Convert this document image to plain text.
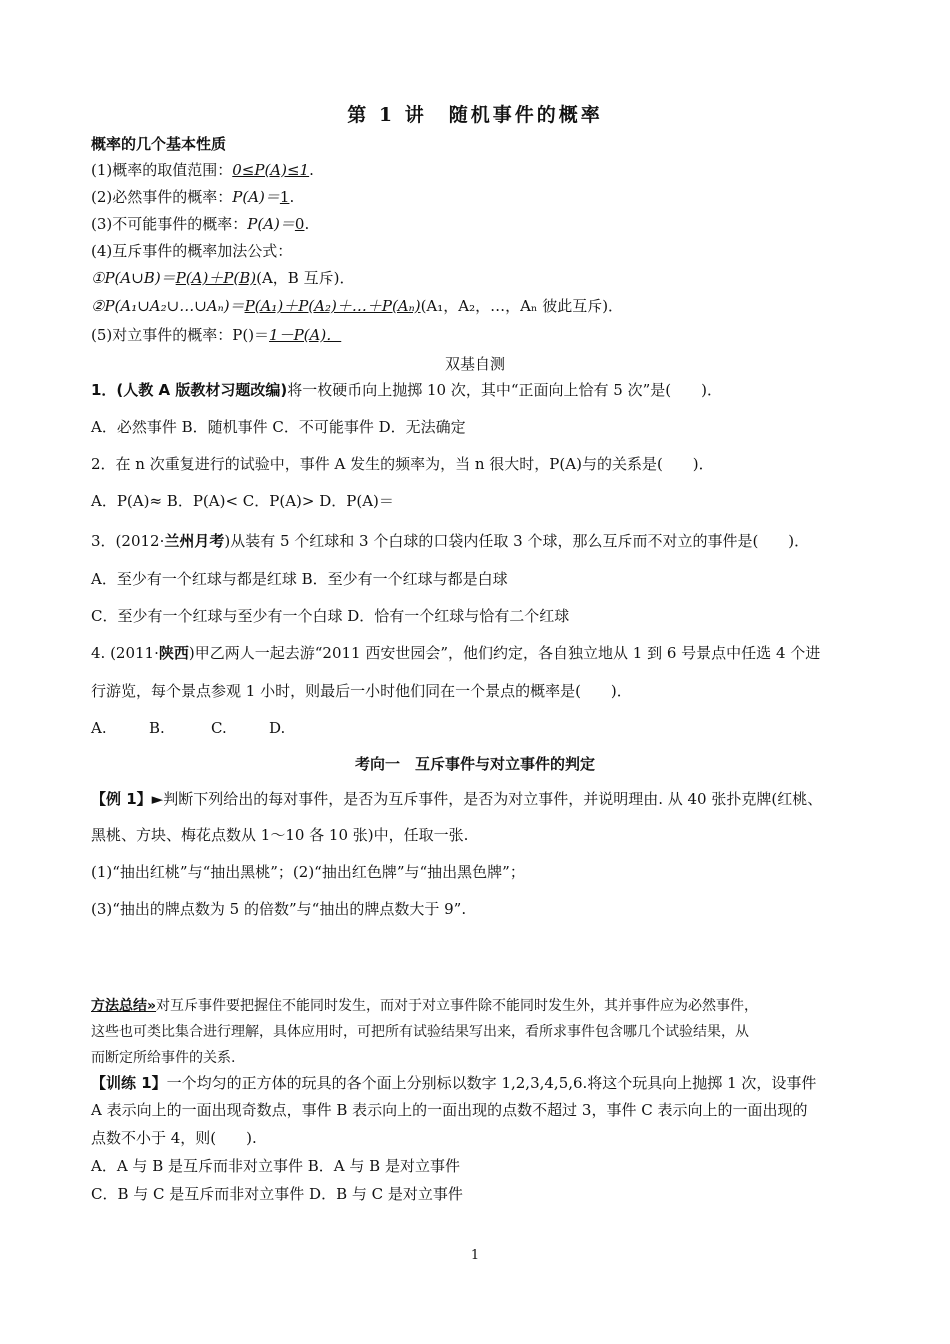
第 1 讲　随机事件的概率
概率的几个基本性质
(1)概率的取值范围：0≤P(A)≤1.
(2)必然事件的概率：P(A)＝1.
(3)不可能事件的概率：P(A)＝0.
(4)互斥事件的概率加法公式：
①P(A∪B)＝P(A)＋P(B)(A，B 互斥)．
②P(A₁∪A₂∪…∪Aₙ)＝P(A₁)＋P(A₂)＋…＋P(Aₙ)(A₁，A₂，…，Aₙ 彼此互斥)．
(5)对立事件的概率：P()＝1－P(A)．
双基自测
1．(人教 A 版教材习题改编)将一枚硬币向上抛掷 10 次，其中“正面向上恰有 5 次”是(　　)．
A．必然事件 B．随机事件 C．不可能事件 D．无法确定
2．在 n 次重复进行的试验中，事件 A 发生的频率为，当 n 很大时，P(A)与的关系是(　　)．
A．P(A)≈ B．P(A)< C．P(A)> D．P(A)＝
3．(2012·兰州月考)从装有 5 个红球和 3 个白球的口袋内任取 3 个球，那么互斥而不对立的事件是(　　)．
A．至少有一个红球与都是红球 B．至少有一个红球与都是白球
C．至少有一个红球与至少有一个白球 D．恰有一个红球与恰有二个红球
4. (2011·陕西)甲乙两人一起去游“2011 西安世园会”，他们约定，各自独立地从 1 到 6 号景点中任选 4 个进
行游览，每个景点参观 1 小时，则最后一小时他们同在一个景点的概率是(　　)．
A.	B.	C.	D.
考向一　互斥事件与对立事件的判定
【例 1】►判断下列给出的每对事件，是否为互斥事件，是否为对立事件，并说明理由. 从 40 张扑克牌(红桃、
黑桃、方块、梅花点数从 1～10 各 10 张)中，任取一张.
(1)“抽出红桃”与“抽出黑桃”；(2)“抽出红色牌”与“抽出黑色牌”；
(3)“抽出的牌点数为 5 的倍数”与“抽出的牌点数大于 9”.
方法总结»对互斥事件要把握住不能同时发生，而对于对立事件除不能同时发生外，其并事件应为必然事件，
这些也可类比集合进行理解，具体应用时，可把所有试验结果写出来，看所求事件包含哪几个试验结果，从
而断定所给事件的关系.
【训练 1】一个均匀的正方体的玩具的各个面上分别标以数字 1,2,3,4,5,6.将这个玩具向上抛掷 1 次，设事件
A 表示向上的一面出现奇数点，事件 B 表示向上的一面出现的点数不超过 3，事件 C 表示向上的一面出现的
点数不小于 4，则(　　).
A．A 与 B 是互斥而非对立事件 B．A 与 B 是对立事件
C．B 与 C 是互斥而非对立事件 D．B 与 C 是对立事件
1
